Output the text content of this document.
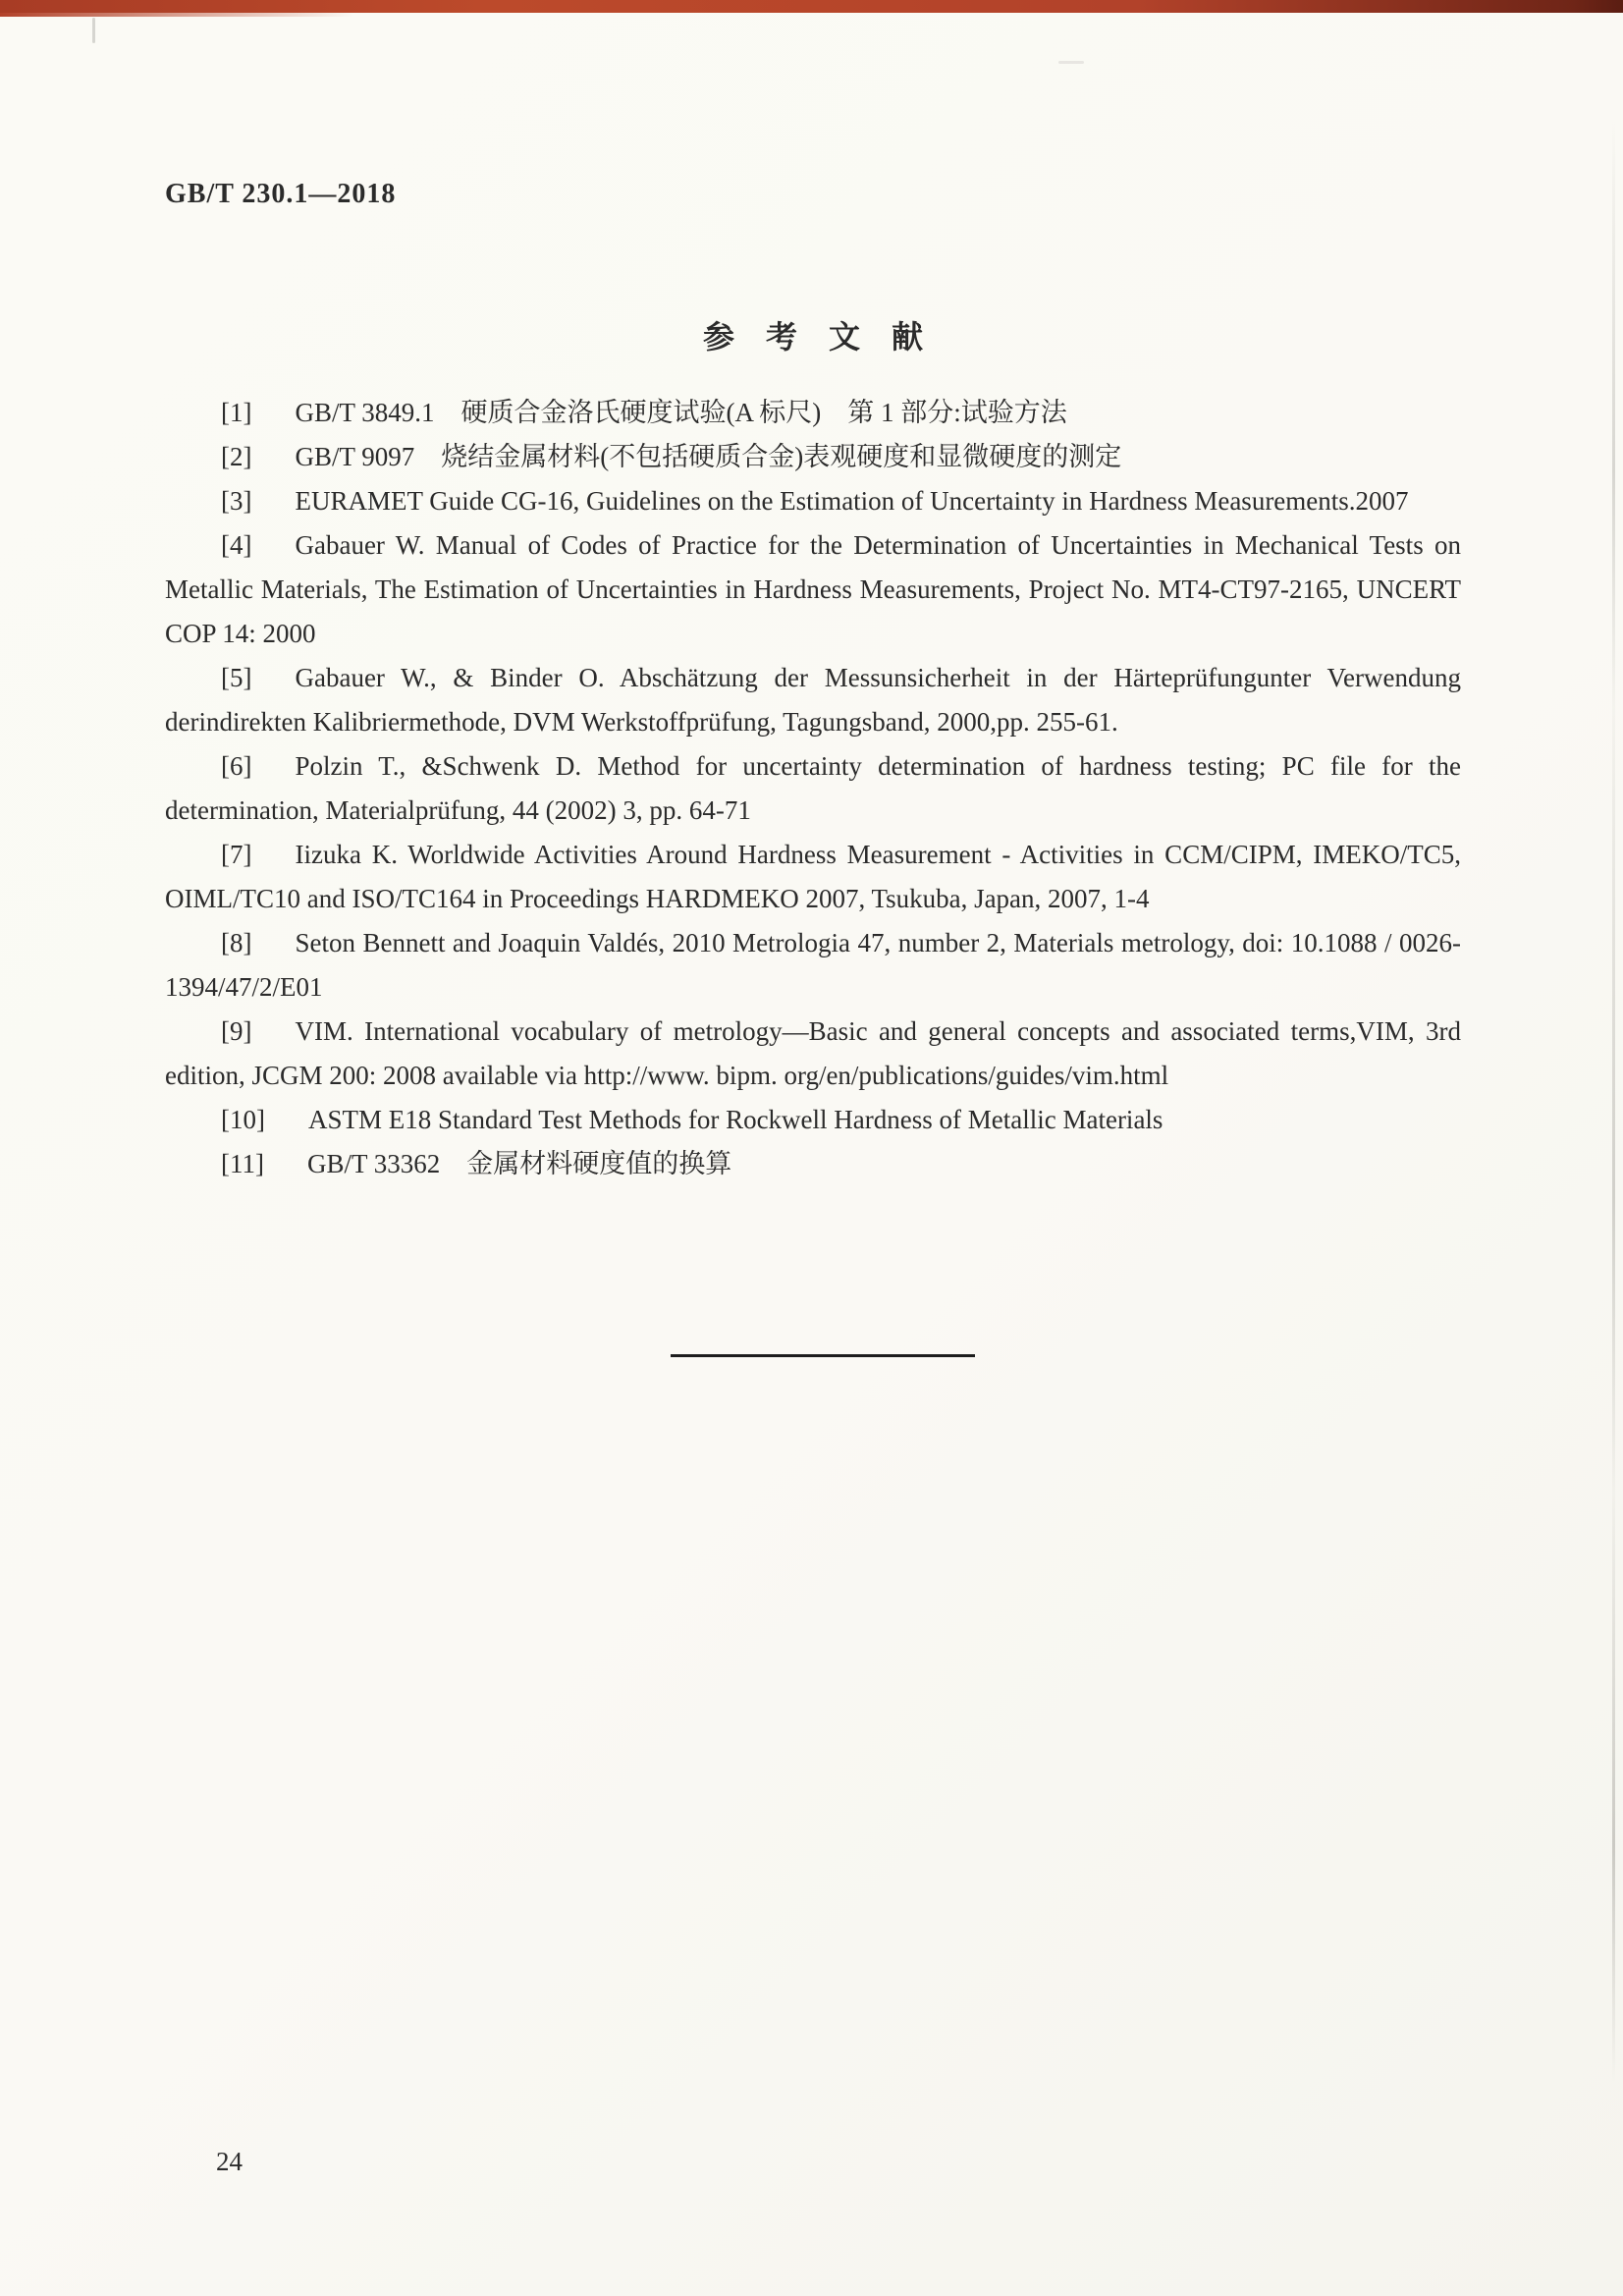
GB/T 230.1—2018
参　考　文　献

[1] GB/T 3849.1　硬质合金洛氏硬度试验(A 标尺)　第 1 部分:试验方法

[2] GB/T 9097　烧结金属材料(不包括硬质合金)表观硬度和显微硬度的测定

[3] EURAMET Guide CG-16, Guidelines on the Estimation of Uncertainty in Hardness Measurements.2007

[4] Gabauer W. Manual of Codes of Practice for the Determination of Uncertainties in Mechanical Tests on Metallic Materials, The Estimation of Uncertainties in Hardness Measurements, Project No. MT4-CT97-2165, UNCERT COP 14: 2000

[5] Gabauer W., & Binder O. Abschätzung der Messunsicherheit in der Härteprüfungunter Verwendung derindirekten Kalibriermethode, DVM Werkstoffprüfung, Tagungsband, 2000,pp. 255-61.

[6] Polzin T., &Schwenk D. Method for uncertainty determination of hardness testing; PC file for the determination, Materialprüfung, 44 (2002) 3, pp. 64-71

[7] Iizuka K. Worldwide Activities Around Hardness Measurement - Activities in CCM/CIPM, IMEKO/TC5, OIML/TC10 and ISO/TC164 in Proceedings HARDMEKO 2007, Tsukuba, Japan, 2007, 1-4

[8] Seton Bennett and Joaquin Valdés, 2010 Metrologia 47, number 2, Materials metrology, doi: 10.1088 / 0026-1394/47/2/E01

[9] VIM. International vocabulary of metrology—Basic and general concepts and associated terms,VIM, 3rd edition, JCGM 200: 2008 available via http://www. bipm. org/en/publications/guides/vim.html

[10] ASTM E18 Standard Test Methods for Rockwell Hardness of Metallic Materials

[11] GB/T 33362　金属材料硬度值的换算

24
